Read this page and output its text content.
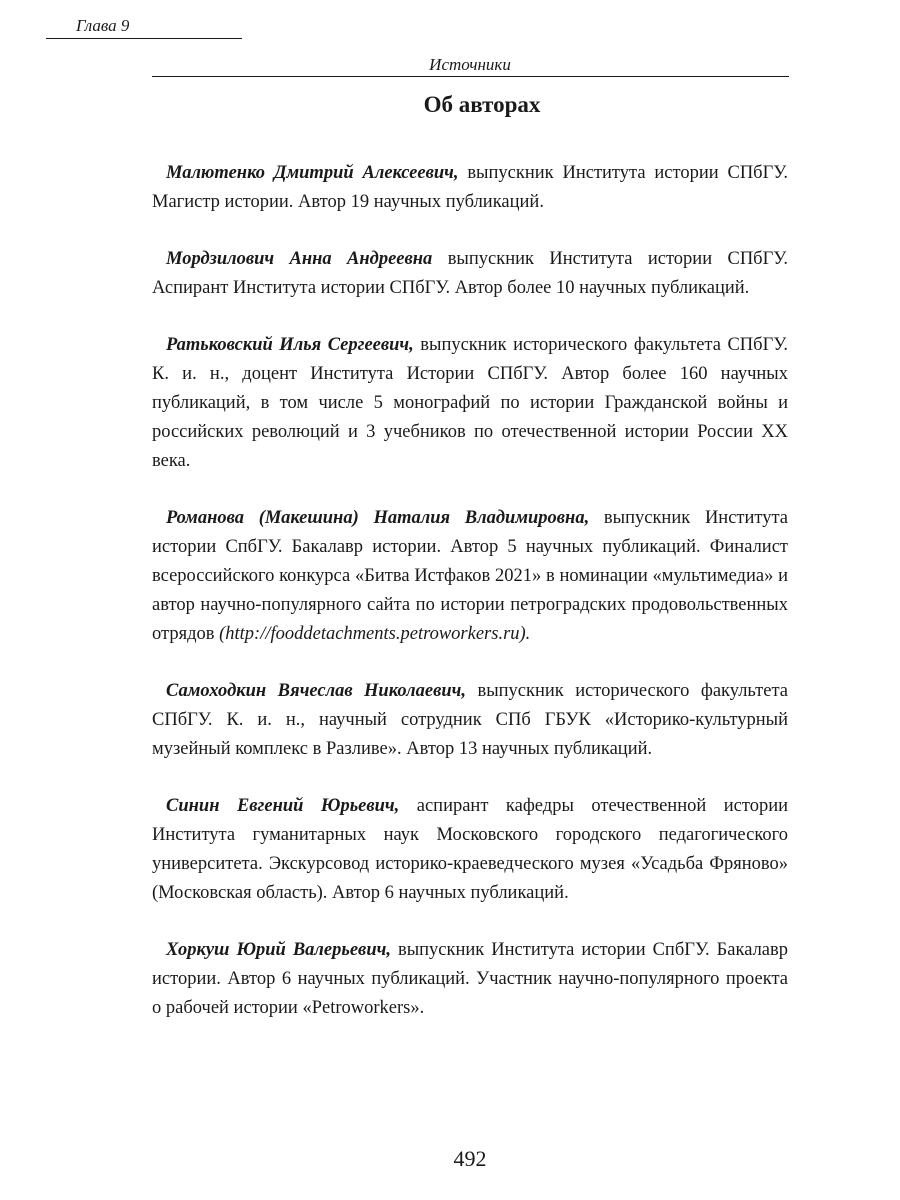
Глава 9
Источники
Об авторах

Малютенко Дмитрий Алексеевич, выпускник Института истории СПбГУ. Магистр истории. Автор 19 научных публикаций.

Мордзилович Анна Андреевна выпускник Института истории СПбГУ. Аспирант Института истории СПбГУ. Автор более 10 научных публикаций.

Ратьковский Илья Сергеевич, выпускник исторического факультета СПбГУ. К. и. н., доцент Института Истории СПбГУ. Автор более 160 научных публикаций, в том числе 5 монографий по истории Гражданской войны и российских революций и 3 учебников по отечественной истории России XX века.

Романова (Макешина) Наталия Владимировна, выпускник Института истории СпбГУ. Бакалавр истории. Автор 5 научных публикаций. Финалист всероссийского конкурса «Битва Истфаков 2021» в номинации «мультимедиа» и автор научно-популярного сайта по истории петроградских продовольственных отрядов (http://fooddetachments.petroworkers.ru).

Самоходкин Вячеслав Николаевич, выпускник исторического факультета СПбГУ. К. и. н., научный сотрудник СПб ГБУК «Историко-культурный музейный комплекс в Разливе». Автор 13 научных публикаций.

Синин Евгений Юрьевич, аспирант кафедры отечественной истории Института гуманитарных наук Московского городского педагогического университета. Экскурсовод историко-краеведческого музея «Усадьба Фряново» (Московская область). Автор 6 научных публикаций.

Хоркуш Юрий Валерьевич, выпускник Института истории СпбГУ. Бакалавр истории. Автор 6 научных публикаций. Участник научно-популярного проекта о рабочей истории «Petroworkers».

492
